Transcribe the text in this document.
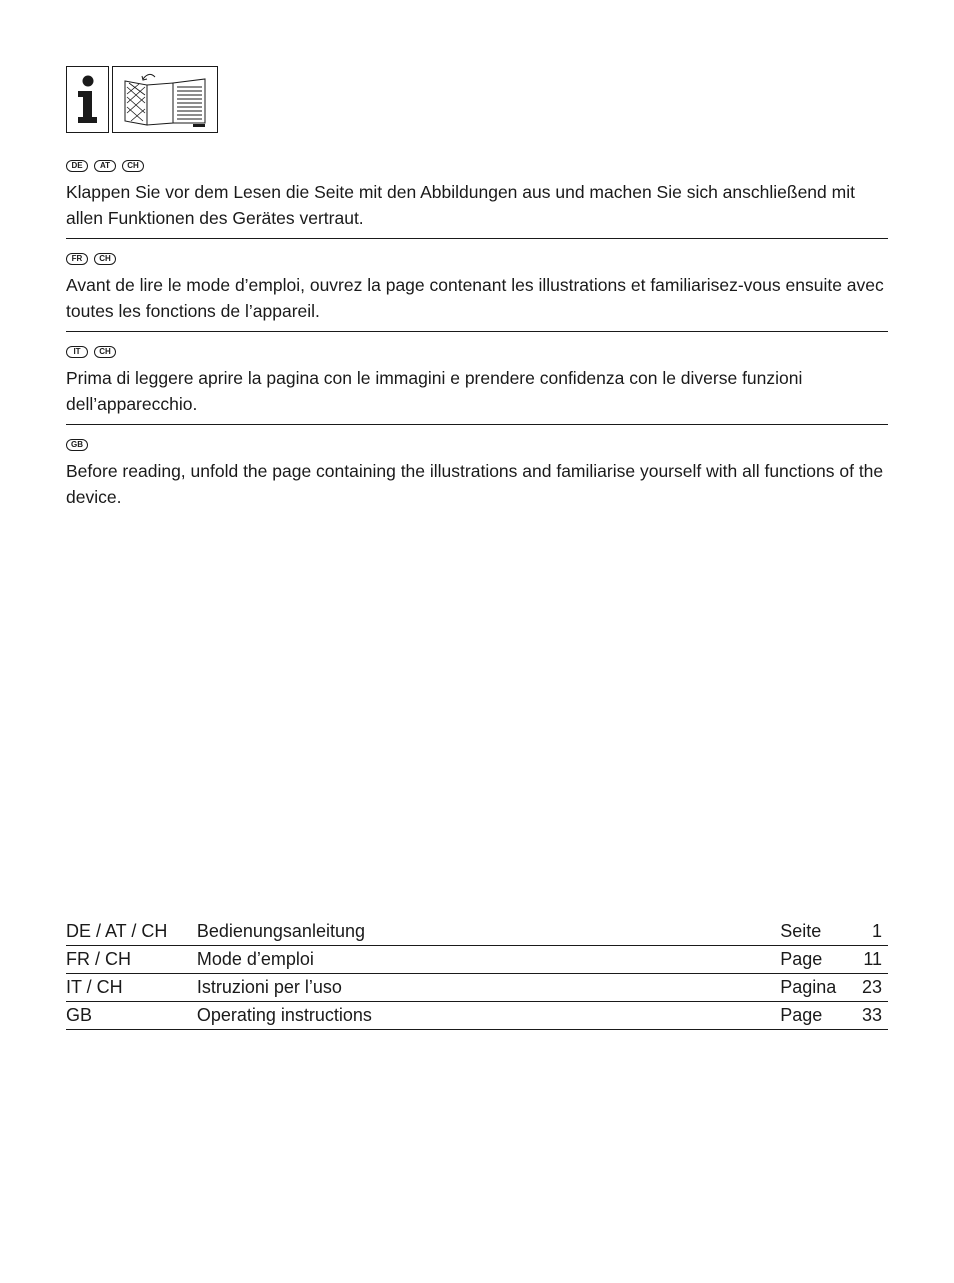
DE	AT	CH

Klappen Sie vor dem Lesen die Seite mit den Abbildungen aus und machen Sie sich anschließend mit allen Funktionen des Gerätes vertraut.

FR	CH

Avant de lire le mode d’emploi, ouvrez la page contenant les illustrations et familiarisez-vous ensuite avec toutes les fonctions de l’appareil.

IT	CH

Prima di leggere aprire la pagina con le immagini e prendere confidenza con le diverse funzioni dell’apparecchio.

GB

Before reading, unfold the page containing the illustrations and familiarise yourself with all functions of the device.

DE / AT / CH	Bedienungsanleitung	Seite	1
FR / CH	Mode d’emploi	Page	11
IT / CH	Istruzioni per l’uso	Pagina	23
GB	Operating instructions	Page	33
